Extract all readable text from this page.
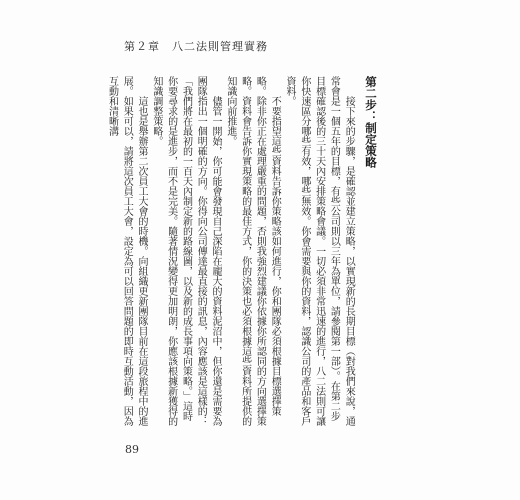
第２章　八二法則管理實務
第二步：制定策略

接下來的步驟，是確認並建立策略，以實現新的長期目標（對我們來說，通常會是一個五年的目標，有些公司則以三年為單位，請參閱第一部）。在第二步目標確認後的三十天內安排策略會議。一切必須非常迅速的進行，八二法則可讓你快速區分哪些有效，哪些無效。你會需要與你的資料，認識公司的產品和客戶資料。

不要指望這些資料告訴你策略該如何進行，你和團隊必須根據目標選擇策略。除非你正在處理嚴重的問題，否則我強烈建議你依據你所認同的方向選擇策略。資料會告訴你實現策略的最佳方式，你的決策也必須根據這些資料所提供的知識向前推進。

儘管一開始，你可能會發現自己深陷在龐大的資料泥沼中，但你還是需要為團隊指出一個明確的方向。你得向公司傳達最直接的訊息，內容應該是這樣的：「我們將在最初的一百天內制定新的路線圖，以及新的成長事項向策略。」這時你要尋求的是進步，而不是完美。隨著情況變得更加明朗，你應該根據新獲得的知識調整策略。

這也是舉辦第二次員工大會的時機。向組織更新團隊目前在這段旅程中的進展。如果可以，請將這次員工大會，設定為可以回答問題的即時互動活動，因為互動和清晰溝

89
